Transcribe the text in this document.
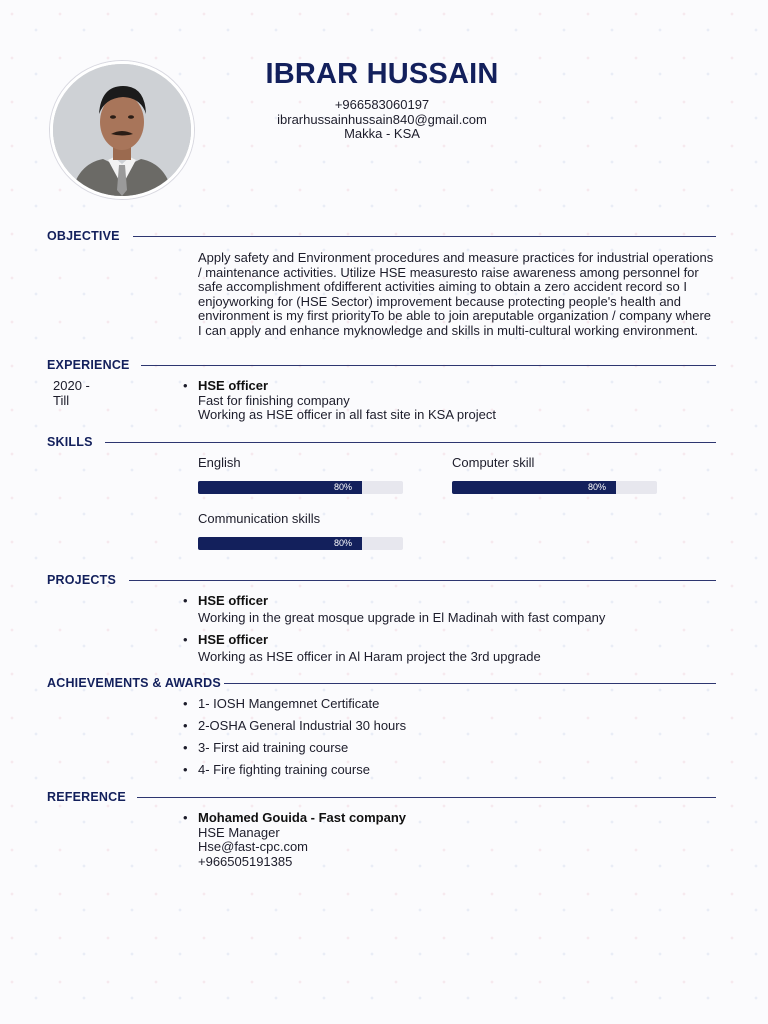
IBRAR HUSSAIN
+966583060197
ibrarhussainhussain840@gmail.com
Makka - KSA
OBJECTIVE
Apply safety and Environment procedures and measure practices for industrial operations / maintenance activities. Utilize HSE measuresto raise awareness among personnel for safe accomplishment ofdifferent activities aiming to obtain a zero accident record so I enjoyworking for (HSE Sector) improvement because protecting people's health and environment is my first priorityTo be able to join areputable organization / company where I can apply and enhance myknowledge and skills in multi-cultural working environment.
EXPERIENCE
2020 -
Till
• HSE officer
Fast for finishing company
Working as HSE officer in all fast site in KSA project
SKILLS
English
80%
Computer skill
80%
Communication skills
80%
PROJECTS
• HSE officer
Working in the great mosque upgrade in El Madinah with fast company
• HSE officer
Working as HSE officer in Al Haram project the 3rd upgrade
ACHIEVEMENTS & AWARDS
• 1- IOSH Mangemnet Certificate
• 2-OSHA General Industrial 30 hours
• 3- First aid training course
• 4- Fire fighting training course
REFERENCE
• Mohamed Gouida - Fast company
HSE Manager
Hse@fast-cpc.com
+966505191385
